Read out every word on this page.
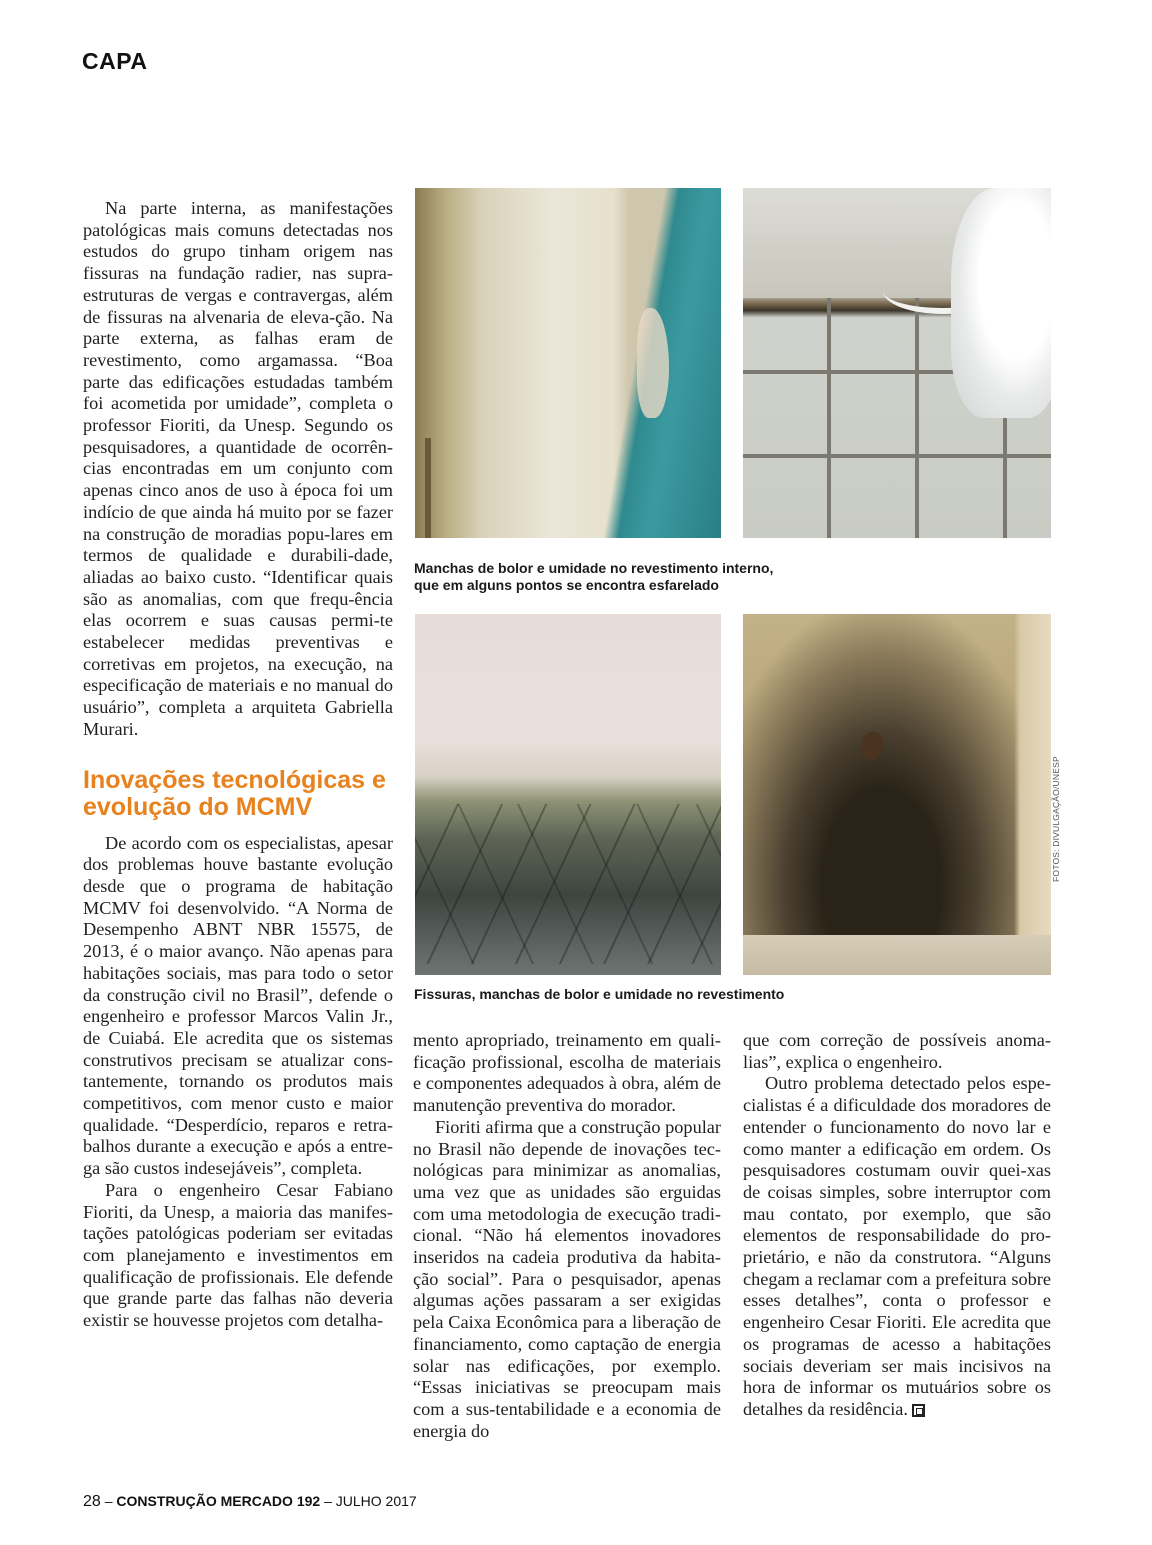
CAPA

Na parte interna, as manifestações patológicas mais comuns detectadas nos estudos do grupo tinham origem nas fissuras na fundação radier, nas supra-estruturas de vergas e contravergas, além de fissuras na alvenaria de eleva-ção. Na parte externa, as falhas eram de revestimento, como argamassa. “Boa parte das edificações estudadas também foi acometida por umidade”, completa o professor Fioriti, da Unesp. Segundo os pesquisadores, a quantidade de ocorrên-cias encontradas em um conjunto com apenas cinco anos de uso à época foi um indício de que ainda há muito por se fazer na construção de moradias popu-lares em termos de qualidade e durabili-dade, aliadas ao baixo custo. “Identificar quais são as anomalias, com que frequ-ência elas ocorrem e suas causas permi-te estabelecer medidas preventivas e corretivas em projetos, na execução, na especificação de materiais e no manual do usuário”, completa a arquiteta Gabriella Murari.

Inovações tecnológicas e evolução do MCMV

De acordo com os especialistas, apesar dos problemas houve bastante evolução desde que o programa de habitação MCMV foi desenvolvido. “A Norma de Desempenho ABNT NBR 15575, de 2013, é o maior avanço. Não apenas para habitações sociais, mas para todo o setor da construção civil no Brasil”, defende o engenheiro e professor Marcos Valin Jr., de Cuiabá. Ele acredita que os sistemas construtivos precisam se atualizar cons-tantemente, tornando os produtos mais competitivos, com menor custo e maior qualidade. “Desperdício, reparos e retra-balhos durante a execução e após a entre-ga são custos indesejáveis”, completa.

Para o engenheiro Cesar Fabiano Fioriti, da Unesp, a maioria das manifes-tações patológicas poderiam ser evitadas com planejamento e investimentos em qualificação de profissionais. Ele defende que grande parte das falhas não deveria existir se houvesse projetos com detalha-

Manchas de bolor e umidade no revestimento interno,
que em alguns pontos se encontra esfarelado
FOTOS: DIVULGAÇÃO/UNESP
Fissuras, manchas de bolor e umidade no revestimento

mento apropriado, treinamento em quali-ficação profissional, escolha de materiais e componentes adequados à obra, além de manutenção preventiva do morador.

Fioriti afirma que a construção popular no Brasil não depende de inovações tec-nológicas para minimizar as anomalias, uma vez que as unidades são erguidas com uma metodologia de execução tradi-cional. “Não há elementos inovadores inseridos na cadeia produtiva da habita-ção social”. Para o pesquisador, apenas algumas ações passaram a ser exigidas pela Caixa Econômica para a liberação de financiamento, como captação de energia solar nas edificações, por exemplo. “Essas iniciativas se preocupam mais com a sus-tentabilidade e a economia de energia do

que com correção de possíveis anoma-lias”, explica o engenheiro.

Outro problema detectado pelos espe-cialistas é a dificuldade dos moradores de entender o funcionamento do novo lar e como manter a edificação em ordem. Os pesquisadores costumam ouvir quei-xas de coisas simples, sobre interruptor com mau contato, por exemplo, que são elementos de responsabilidade do pro-prietário, e não da construtora. “Alguns chegam a reclamar com a prefeitura sobre esses detalhes”, conta o professor e engenheiro Cesar Fioriti. Ele acredita que os programas de acesso a habitações sociais deveriam ser mais incisivos na hora de informar os mutuários sobre os detalhes da residência.

28 – CONSTRUÇÃO MERCADO 192 – JULHO 2017
